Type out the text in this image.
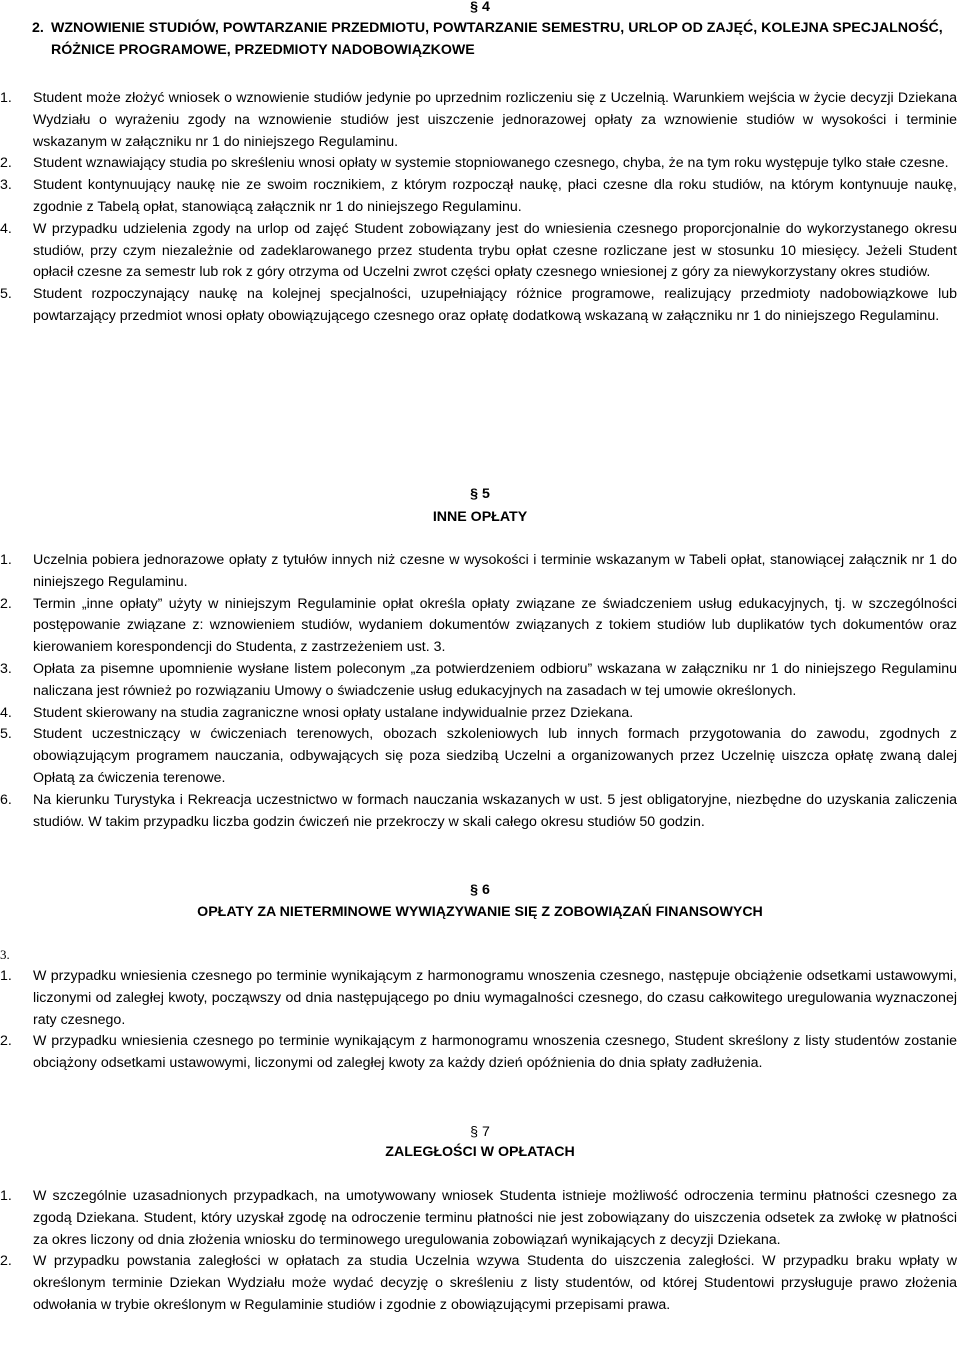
§ 4
2. WZNOWIENIE STUDIÓW, POWTARZANIE PRZEDMIOTU, POWTARZANIE SEMESTRU, URLOP OD ZAJĘĆ, KOLEJNA SPECJALNOŚĆ, RÓŻNICE PROGRAMOWE, PRZEDMIOTY NADOBOWIĄZKOWE
1. Student może złożyć wniosek o wznowienie studiów jedynie po uprzednim rozliczeniu się z Uczelnią. Warunkiem wejścia w życie decyzji Dziekana Wydziału o wyrażeniu zgody na wznowienie studiów jest uiszczenie jednorazowej opłaty za wznowienie studiów w wysokości i terminie wskazanym w załączniku nr 1 do niniejszego Regulaminu.
2. Student wznawiający studia po skreśleniu wnosi opłaty w systemie stopniowanego czesnego, chyba, że na tym roku występuje tylko stałe czesne.
3. Student kontynuujący naukę nie ze swoim rocznikiem, z którym rozpoczął naukę, płaci czesne dla roku studiów, na którym kontynuuje naukę, zgodnie z Tabelą opłat, stanowiącą załącznik nr 1 do niniejszego Regulaminu.
4. W przypadku udzielenia zgody na urlop od zajęć Student zobowiązany jest do wniesienia czesnego proporcjonalnie do wykorzystanego okresu studiów, przy czym niezależnie od zadeklarowanego przez studenta trybu opłat czesne rozliczane jest w stosunku 10 miesięcy. Jeżeli Student opłacił czesne za semestr lub rok z góry otrzyma od Uczelni zwrot części opłaty czesnego wniesionej z góry za niewykorzystany okres studiów.
5. Student rozpoczynający naukę na kolejnej specjalności, uzupełniający różnice programowe, realizujący przedmioty nadobowiązkowe lub powtarzający przedmiot wnosi opłaty obowiązującego czesnego oraz opłatę dodatkową wskazaną w załączniku nr 1 do niniejszego Regulaminu.
§ 5
INNE OPŁATY
1. Uczelnia pobiera jednorazowe opłaty z tytułów innych niż czesne w wysokości i terminie wskazanym w Tabeli opłat, stanowiącej załącznik nr 1 do niniejszego Regulaminu.
2. Termin „inne opłaty” użyty w niniejszym Regulaminie opłat określa opłaty związane ze świadczeniem usług edukacyjnych, tj. w szczególności postępowanie związane z: wznowieniem studiów, wydaniem dokumentów związanych z tokiem studiów lub duplikatów tych dokumentów oraz kierowaniem korespondencji do Studenta, z zastrzeżeniem ust. 3.
3. Opłata za pisemne upomnienie wysłane listem poleconym „za potwierdzeniem odbioru” wskazana w załączniku nr 1 do niniejszego Regulaminu naliczana jest również po rozwiązaniu Umowy o świadczenie usług edukacyjnych na zasadach w tej umowie określonych.
4. Student skierowany na studia zagraniczne wnosi opłaty ustalane indywidualnie przez Dziekana.
5. Student uczestniczący w ćwiczeniach terenowych, obozach szkoleniowych lub innych formach przygotowania do zawodu, zgodnych z obowiązującym programem nauczania, odbywających się poza siedzibą Uczelni a organizowanych przez Uczelnię uiszcza opłatę zwaną dalej Opłatą za ćwiczenia terenowe.
6. Na kierunku Turystyka i Rekreacja uczestnictwo w formach nauczania wskazanych w ust. 5 jest obligatoryjne, niezbędne do uzyskania zaliczenia studiów. W takim przypadku liczba godzin ćwiczeń nie przekroczy w skali całego okresu studiów 50 godzin.
§ 6
OPŁATY ZA NIETERMINOWE WYWIĄZYWANIE SIĘ Z ZOBOWIĄZAŃ FINANSOWYCH
3.
1. W przypadku wniesienia czesnego po terminie wynikającym z harmonogramu wnoszenia czesnego, następuje obciążenie odsetkami ustawowymi, liczonymi od zaległej kwoty, począwszy od dnia następującego po dniu wymagalności czesnego, do czasu całkowitego uregulowania wyznaczonej raty czesnego.
2. W przypadku wniesienia czesnego po terminie wynikającym z harmonogramu wnoszenia czesnego, Student skreślony z listy studentów zostanie obciążony odsetkami ustawowymi, liczonymi od zaległej kwoty za każdy dzień opóźnienia do dnia spłaty zadłużenia.
§ 7
ZALEGŁOŚCI W OPŁATACH
1. W szczególnie uzasadnionych przypadkach, na umotywowany wniosek Studenta istnieje możliwość odroczenia terminu płatności czesnego za zgodą Dziekana. Student, który uzyskał zgodę na odroczenie terminu płatności nie jest zobowiązany do uiszczenia odsetek za zwłokę w płatności za okres liczony od dnia złożenia wniosku do terminowego uregulowania zobowiązań wynikających z decyzji Dziekana.
2. W przypadku powstania zaległości w opłatach za studia Uczelnia wzywa Studenta do uiszczenia zaległości. W przypadku braku wpłaty w określonym terminie Dziekan Wydziału może wydać decyzję o skreśleniu z listy studentów, od której Studentowi przysługuje prawo złożenia odwołania w trybie określonym w Regulaminie studiów i zgodnie z obowiązującymi przepisami prawa.
